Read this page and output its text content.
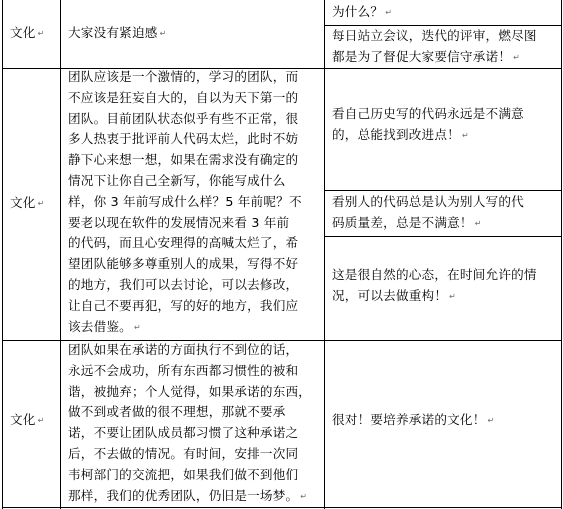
文化 ↵ 大家没有紧迫感 ↵
为什么？ ↵
每日站立会议，迭代的评审，燃尽图
都是为了督促大家要信守承诺！ ↵
文化 ↵
团队应该是一个激情的，学习的团队，而
不应该是狂妄自大的，自以为天下第一的
团队。目前团队状态似乎有些不正常，很
多人热衷于批评前人代码太烂，此时不妨
静下心来想一想，如果在需求没有确定的
情况下让你自己全新写，你能写成什么
样，你 3 年前写成什么样？5 年前呢？不
要老以现在软件的发展情况来看 3 年前
的代码，而且心安理得的高喊太烂了，希
望团队能够多尊重别人的成果，写得不好
的地方，我们可以去讨论，可以去修改，
让自己不要再犯，写的好的地方，我们应
该去借鉴。 ↵
看自己历史写的代码永远是不满意
的，总能找到改进点！ ↵
看别人的代码总是认为别人写的代
码质量差，总是不满意！ ↵
这是很自然的心态，在时间允许的情
况，可以去做重构！ ↵
文化 ↵
团队如果在承诺的方面执行不到位的话，
永远不会成功，所有东西都习惯性的被和
谐，被抛弃；个人觉得，如果承诺的东西，
做不到或者做的很不理想，那就不要承
诺，不要让团队成员都习惯了这种承诺之
后，不去做的情况。有时间，安排一次同
韦柯部门的交流把，如果我们做不到他们
那样，我们的优秀团队，仍旧是一场梦。 ↵
很对！要培养承诺的文化！ ↵
